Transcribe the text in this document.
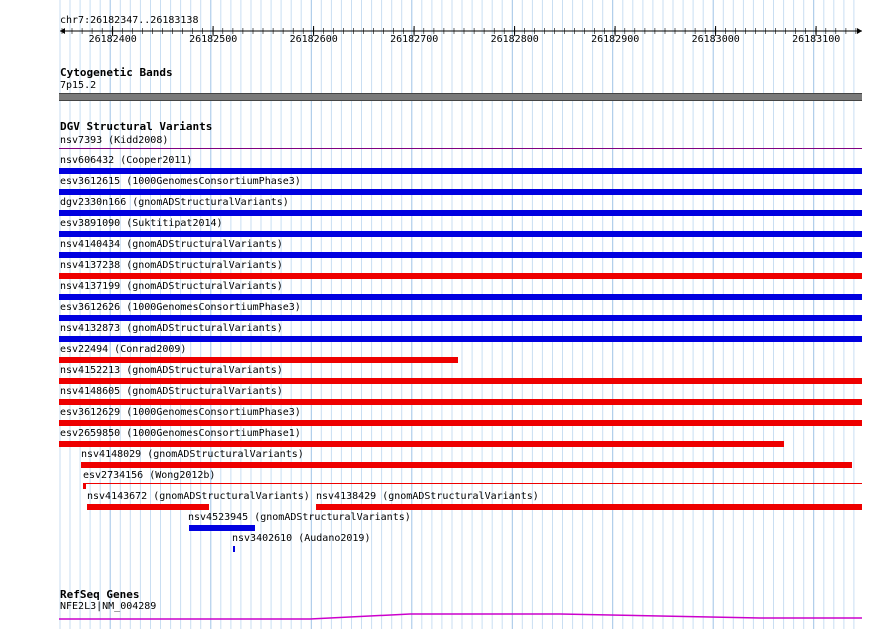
chr7:26182347..26183138
26182400	26182500	26182600	26182700	26182800	26182900	26183000	26183100
Cytogenetic Bands
7p15.2
DGV Structural Variants
nsv7393 (Kidd2008)
nsv606432 (Cooper2011)
esv3612615 (1000GenomesConsortiumPhase3)
dgv2330n166 (gnomADStructuralVariants)
esv3891090 (Suktitipat2014)
nsv4140434 (gnomADStructuralVariants)
nsv4137238 (gnomADStructuralVariants)
nsv4137199 (gnomADStructuralVariants)
esv3612626 (1000GenomesConsortiumPhase3)
nsv4132873 (gnomADStructuralVariants)
esv22494 (Conrad2009)
nsv4152213 (gnomADStructuralVariants)
nsv4148605 (gnomADStructuralVariants)
esv3612629 (1000GenomesConsortiumPhase3)
esv2659850 (1000GenomesConsortiumPhase1)
nsv4148029 (gnomADStructuralVariants)
esv2734156 (Wong2012b)
nsv4143672 (gnomADStructuralVariants) nsv4138429 (gnomADStructuralVariants)
nsv4523945 (gnomADStructuralVariants)
nsv3402610 (Audano2019)
RefSeq Genes
NFE2L3|NM_004289
